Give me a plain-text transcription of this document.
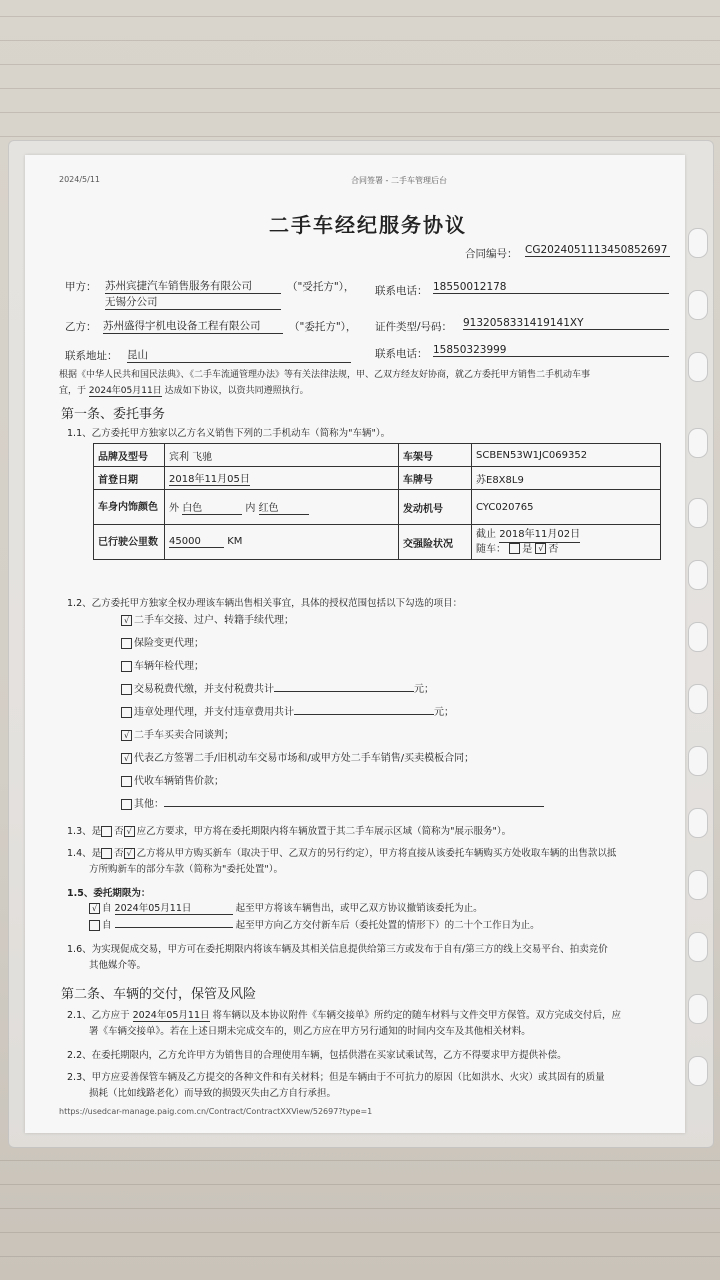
2024/5/11	合同签署 - 二手车管理后台
二手车经纪服务协议
合同编号： CG20240511134508526​97
甲方： 苏州宾捷汽车销售服务有限公司
无锡分公司
（"受托方"）， 联系电话： 18550012178
乙方： 苏州盛得宇机电设备工程有限公司	（"委托方"）， 证件类型/号码： 9132058331419141XY
联系地址： 昆山	联系电话： 15850323999
根据《中华人民共和国民法典》、《二手车流通管理办法》等有关法律法规，甲、乙双方经友好协商，就乙方委托甲方销售二手机动车事
宜，于 2024年05月11日 达成如下协议，以资共同遵照执行。
第一条、委托事务
1.1、乙方委托甲方独家以乙方名义销售下列的二手机动车（简称为"车辆"）。
品牌及型号	宾利 飞驰	车架号	SCBEN53W1JC069352
首登日期	2018年11月05日	车牌号	苏E8X8L9
车身内饰颜色	外 白色 内 红色	发动机号	CYC020765
已行驶公里数	45000 KM	交强险状况	截止 2018年11月02日
随车： 是 √ 否
1.2、乙方委托甲方独家全权办理该车辆出售相关事宜，具体的授权范围包括以下勾选的项目：
√ 二手车交接、过户、转籍手续代理；
保险变更代理；
车辆年检代理；
交易税费代缴，并支付税费共计	元；
违章处理代理，并支付违章费用共计	元；
√ 二手车买卖合同谈判；
√ 代表乙方签署二手/旧机动车交易市场和/或甲方处二手车销售/买卖模板合同；
代收车辆销售价款；
其他：
1.3、是 否 √ 应乙方要求，甲方将在委托期限内将车辆放置于其二手车展示区域（简称为"展示服务"）。
1.4、是 否 √ 乙方将从甲方购买新车（取决于甲、乙双方的另行约定），甲方将直接从该委托车辆购买方处收取车辆的出售款以抵
方所购新车的部分车款（简称为"委托处置"）。
1.5、委托期限为：
√ 自 2024年05月11日	起至甲方将该车辆售出，或甲乙双方协议撤销该委托为止。
自	起至甲方向乙方交付新车后（委托处置的情形下）的二十个工作日为止。
1.6、为实现促成交易，甲方可在委托期限内将该车辆及其相关信息提供给第三方或发布于自有/第三方的线上交易平台、拍卖竞价
其他媒介等。
第二条、车辆的交付，保管及风险
2.1、乙方应于 2024年05月11日 将车辆以及本协议附件《车辆交接单》所约定的随车材料与文件交甲方保管。双方完成交付后，应
署《车辆交接单》。若在上述日期未完成交车的，则乙方应在甲方另行通知的时间内交车及其他相关材料。
2.2、在委托期限内，乙方允许甲方为销售目的合理使用车辆，包括供潜在买家试乘试驾，乙方不得要求甲方提供补偿。
2.3、甲方应妥善保管车辆及乙方提交的各种文件和有关材料；但是车辆由于不可抗力的原因（比如洪水、火灾）或其固有的质量
损耗（比如线路老化）而导致的损毁灭失由乙方自行承担。
https://usedcar-manage.paig.com.cn/Contract/ContractXXView/52697?type=1
